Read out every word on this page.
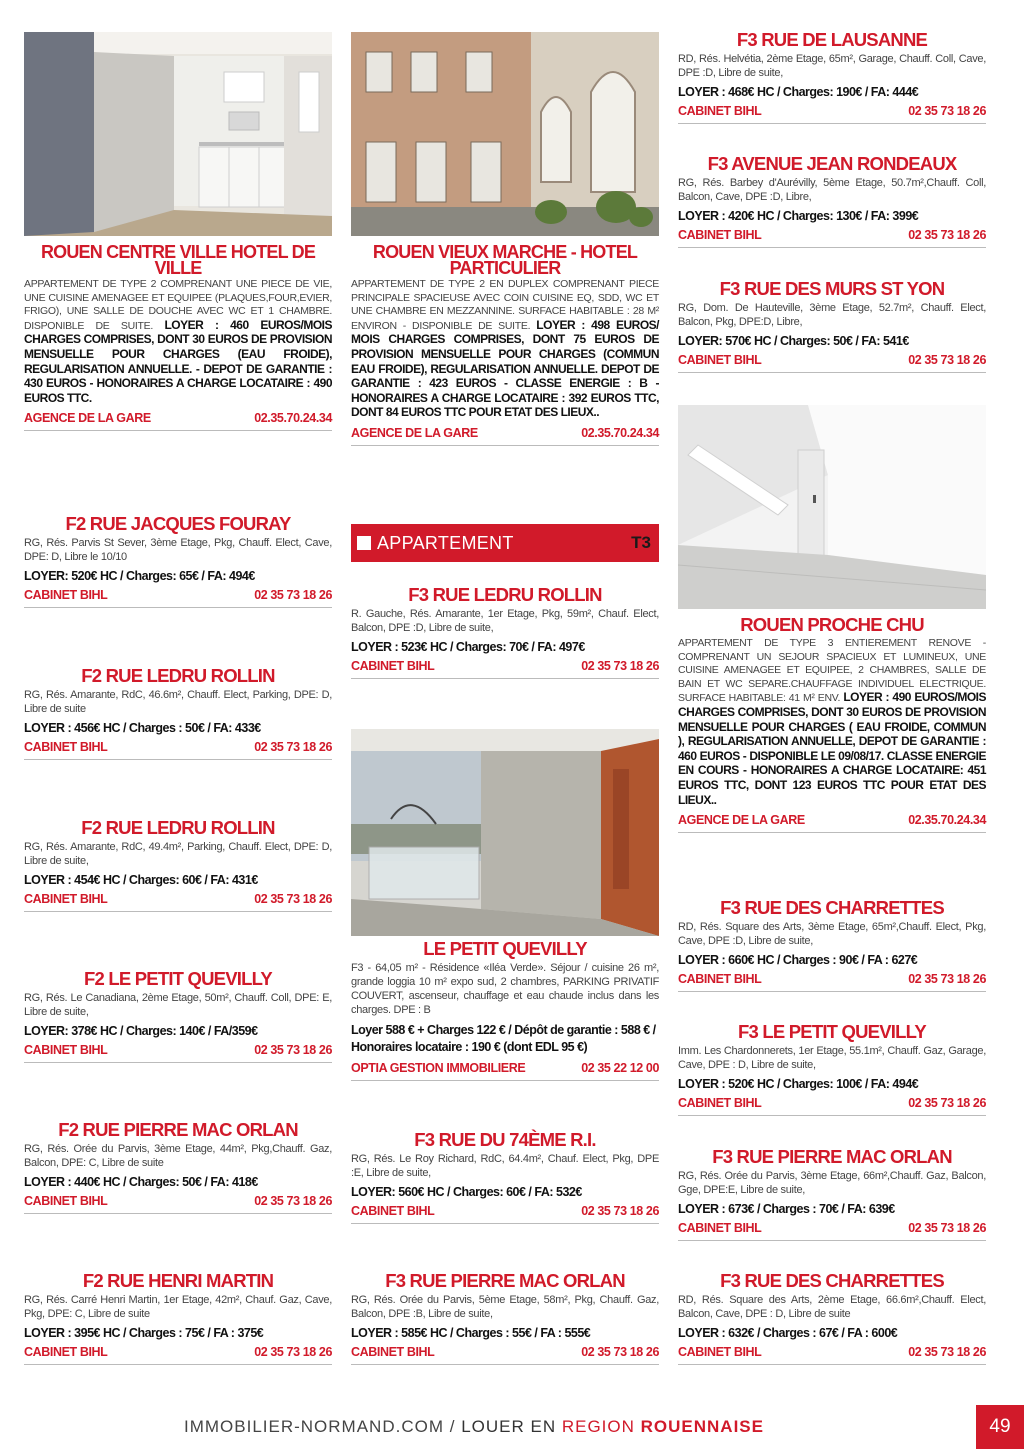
ROUEN CENTRE VILLE HOTEL DE VILLE
APPARTEMENT DE TYPE 2 COMPRENANT UNE PIECE DE VIE, UNE CUISINE AMENAGEE ET EQUIPEE (PLAQUES,FOUR,EVIER, FRIGO), UNE SALLE DE DOUCHE AVEC WC ET 1 CHAMBRE. DISPONIBLE DE SUITE. LOYER : 460 EUROS/MOIS CHARGES COMPRISES, DONT 30 EUROS DE PROVISION MENSUELLE POUR CHARGES (EAU FROIDE), REGULARISATION ANNUELLE. - DEPOT DE GARANTIE : 430 EUROS - HONORAIRES A CHARGE LOCATAIRE : 490 EUROS TTC.
AGENCE DE LA GARE	02.35.70.24.34
F2 RUE JACQUES FOURAY
RG, Rés. Parvis St Sever, 3ème Etage, Pkg, Chauff. Elect, Cave, DPE: D, Libre le 10/10
LOYER: 520€ HC / Charges: 65€ / FA: 494€
CABINET BIHL	02 35 73 18 26
F2 RUE LEDRU ROLLIN
RG, Rés. Amarante, RdC, 46.6m², Chauff. Elect, Parking, DPE: D, Libre de suite
LOYER : 456€ HC / Charges : 50€ / FA: 433€
CABINET BIHL	02 35 73 18 26
F2 RUE LEDRU ROLLIN
RG, Rés. Amarante, RdC, 49.4m², Parking, Chauff. Elect, DPE: D, Libre de suite,
LOYER : 454€ HC / Charges: 60€ / FA: 431€
CABINET BIHL	02 35 73 18 26
F2 LE PETIT QUEVILLY
RG, Rés. Le Canadiana, 2ème Etage, 50m², Chauff. Coll, DPE: E, Libre de suite,
LOYER: 378€ HC / Charges: 140€ / FA/359€
CABINET BIHL	02 35 73 18 26
F2 RUE PIERRE MAC ORLAN
RG, Rés. Orée du Parvis, 3ème Etage, 44m², Pkg,Chauff. Gaz, Balcon, DPE: C, Libre de suite
LOYER : 440€ HC / Charges: 50€ / FA: 418€
CABINET BIHL	02 35 73 18 26
F2 RUE HENRI MARTIN
RG, Rés. Carré Henri Martin, 1er Etage, 42m², Chauf. Gaz, Cave, Pkg, DPE: C, Libre de suite
LOYER : 395€ HC / Charges : 75€ / FA : 375€
CABINET BIHL	02 35 73 18 26
ROUEN VIEUX MARCHE - HOTEL PARTICULIER
APPARTEMENT DE TYPE 2 EN DUPLEX COMPRENANT PIECE PRINCIPALE SPACIEUSE AVEC COIN CUISINE EQ, SDD, WC ET UNE CHAMBRE EN MEZZANNINE. SURFACE HABITABLE : 28 M² ENVIRON - DISPONIBLE DE SUITE. LOYER : 498 EUROS/ MOIS CHARGES COMPRISES, DONT 75 EUROS DE PROVISION MENSUELLE POUR CHARGES (COMMUN EAU FROIDE), REGULARISATION ANNUELLE. DEPOT DE GARANTIE : 423 EUROS - CLASSE ENERGIE : B - HONORAIRES A CHARGE LOCATAIRE : 392 EUROS TTC, DONT 84 EUROS TTC POUR ETAT DES LIEUX..
AGENCE DE LA GARE	02.35.70.24.34
APPARTEMENT	T3
F3 RUE LEDRU ROLLIN
R. Gauche, Rés. Amarante, 1er Etage, Pkg, 59m², Chauf. Elect, Balcon, DPE :D, Libre de suite,
LOYER : 523€ HC / Charges: 70€ / FA: 497€
CABINET BIHL	02 35 73 18 26
LE PETIT QUEVILLY
F3 - 64,05 m² - Résidence «Iléa Verde». Séjour / cuisine 26 m², grande loggia 10 m² expo sud, 2 chambres, PARKING PRIVATIF COUVERT, ascenseur, chauffage et eau chaude inclus dans les charges. DPE : B
Loyer 588 € + Charges 122 € / Dépôt de garantie : 588 € / Honoraires locataire : 190 € (dont EDL 95 €)
OPTIA GESTION IMMOBILIERE	02 35 22 12 00
F3 RUE DU 74ÈME R.I.
RG, Rés. Le Roy Richard, RdC, 64.4m², Chauf. Elect, Pkg, DPE :E, Libre de suite,
LOYER: 560€ HC / Charges: 60€ / FA: 532€
CABINET BIHL	02 35 73 18 26
F3 RUE PIERRE MAC ORLAN
RG, Rés. Orée du Parvis, 5ème Etage, 58m², Pkg, Chauff. Gaz, Balcon, DPE :B, Libre de suite,
LOYER : 585€ HC / Charges : 55€ / FA : 555€
CABINET BIHL	02 35 73 18 26
F3 RUE DE LAUSANNE
RD, Rés. Helvétia, 2ème Etage, 65m², Garage, Chauff. Coll, Cave, DPE :D, Libre de suite,
LOYER : 468€ HC / Charges: 190€ / FA: 444€
CABINET BIHL	02 35 73 18 26
F3 AVENUE JEAN RONDEAUX
RG, Rés. Barbey d'Aurévilly, 5ème Etage, 50.7m²,Chauff. Coll, Balcon, Cave, DPE :D, Libre,
LOYER : 420€ HC / Charges: 130€ / FA: 399€
CABINET BIHL	02 35 73 18 26
F3 RUE DES MURS ST YON
RG, Dom. De Hauteville, 3ème Etage, 52.7m², Chauff. Elect, Balcon, Pkg, DPE:D, Libre,
LOYER: 570€ HC / Charges: 50€ / FA: 541€
CABINET BIHL	02 35 73 18 26
ROUEN PROCHE CHU
APPARTEMENT DE TYPE 3 ENTIEREMENT RENOVE - COMPRENANT UN SEJOUR SPACIEUX ET LUMINEUX, UNE CUISINE AMENAGEE ET EQUIPEE, 2 CHAMBRES, SALLE DE BAIN ET WC SEPARE.CHAUFFAGE INDIVIDUEL ELECTRIQUE. SURFACE HABITABLE: 41 M² ENV. LOYER : 490 EUROS/MOIS CHARGES COMPRISES, DONT 30 EUROS DE PROVISION MENSUELLE POUR CHARGES ( EAU FROIDE, COMMUN ), REGULARISATION ANNUELLE, DEPOT DE GARANTIE : 460 EUROS - DISPONIBLE LE 09/08/17. CLASSE ENERGIE EN COURS - HONORAIRES A CHARGE LOCATAIRE: 451 EUROS TTC, DONT 123 EUROS TTC POUR ETAT DES LIEUX..
AGENCE DE LA GARE	02.35.70.24.34
F3 RUE DES CHARRETTES
RD, Rés. Square des Arts, 3ème Etage, 65m²,Chauff. Elect, Pkg, Cave, DPE :D, Libre de suite,
LOYER : 660€ HC / Charges : 90€ / FA : 627€
CABINET BIHL	02 35 73 18 26
F3 LE PETIT QUEVILLY
Imm. Les Chardonnerets, 1er Etage, 55.1m², Chauff. Gaz, Garage, Cave, DPE : D, Libre de suite,
LOYER : 520€ HC / Charges: 100€ / FA: 494€
CABINET BIHL	02 35 73 18 26
F3 RUE PIERRE MAC ORLAN
RG, Rés. Orée du Parvis, 3ème Etage, 66m²,Chauff. Gaz, Balcon, Gge, DPE:E, Libre de suite,
LOYER : 673€ / Charges : 70€ / FA: 639€
CABINET BIHL	02 35 73 18 26
F3 RUE DES CHARRETTES
RD, Rés. Square des Arts, 2ème Etage, 66.6m²,Chauff. Elect, Balcon, Cave, DPE : D, Libre de suite
LOYER : 632€ / Charges : 67€ / FA : 600€
CABINET BIHL	02 35 73 18 26
IMMOBILIER-NORMAND.COM / LOUER EN REGION ROUENNAISE	49
